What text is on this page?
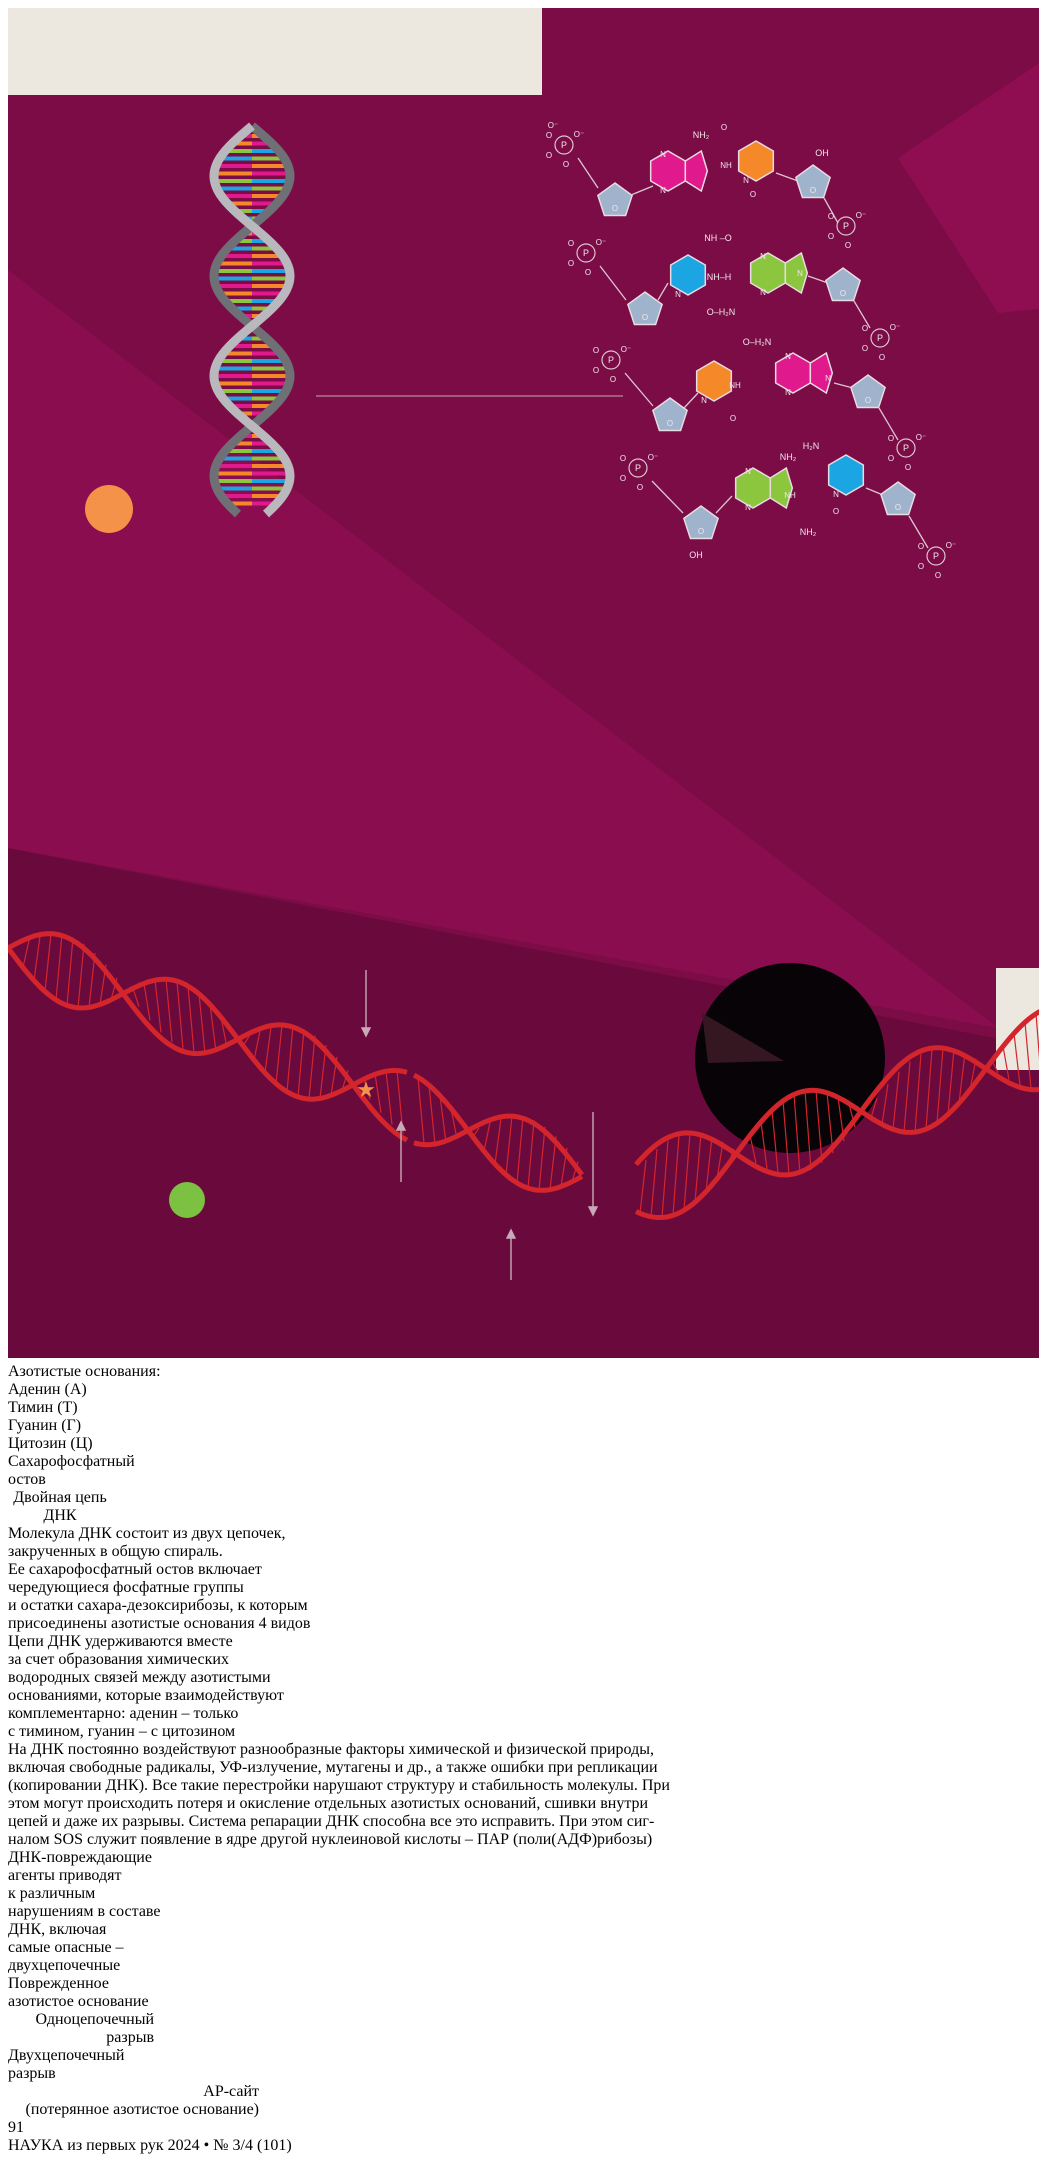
★
P
O
O
O⁻
O
O⁻
O
N
N
NH₂
O
N
NH
O	O
OH
P
O
O
O⁻
O
P
O
O
O⁻
O
O
N
NH –O
NH–H
O–H₂N
N
N
N
O
P
O
O
O⁻
O
P
O
O
O⁻
O
O
N
O–H₂N
NH
O
N
N
N
O
P
O
O
O⁻
O
P
O
O
O⁻
O
O
N
N
NH₂
H₂N
NH
NH₂
N
O	O
P
O
O
O⁻
O
OH
Азотистые основания:
Аденин (А)
Тимин (Т)
Гуанин (Г)
Цитозин (Ц)
Сахарофосфатный
остов
Двойная цепь
ДНК
Молекула ДНК состоит из двух цепочек,
закрученных в общую спираль.
Ее сахарофосфатный остов включает
чередующиеся фосфатные группы
и остатки сахара-дезоксирибозы, к которым
присоединены азотистые основания 4 видов
Цепи ДНК удерживаются вместе
за счет образования химических
водородных связей между азотистыми
основаниями, которые взаимодействуют
комплементарно: аденин – только
с тимином, гуанин – с цитозином
На ДНК постоянно воздействуют разнообразные факторы химической и физической природы,
включая свободные радикалы, УФ-излучение, мутагены и др., а также ошибки при репликации
(копировании ДНК). Все такие перестройки нарушают структуру и стабильность молекулы. При
этом могут происходить потеря и окисление отдельных азотистых оснований, сшивки внутри
цепей и даже их разрывы. Система репарации ДНК способна все это исправить. При этом сиг-
налом SOS служит появление в ядре другой нуклеиновой кислоты – ПАР (поли(АДФ)рибозы)
ДНК-повреждающие
агенты приводят
к различным
нарушениям в составе
ДНК, включая
самые опасные –
двухцепочечные
Поврежденное
азотистое основание
Одноцепочечный
разрыв
Двухцепочечный
разрыв
АР-сайт
(потерянное азотистое основание)
91
НАУКА из первых рук 2024 • № 3/4 (101)
